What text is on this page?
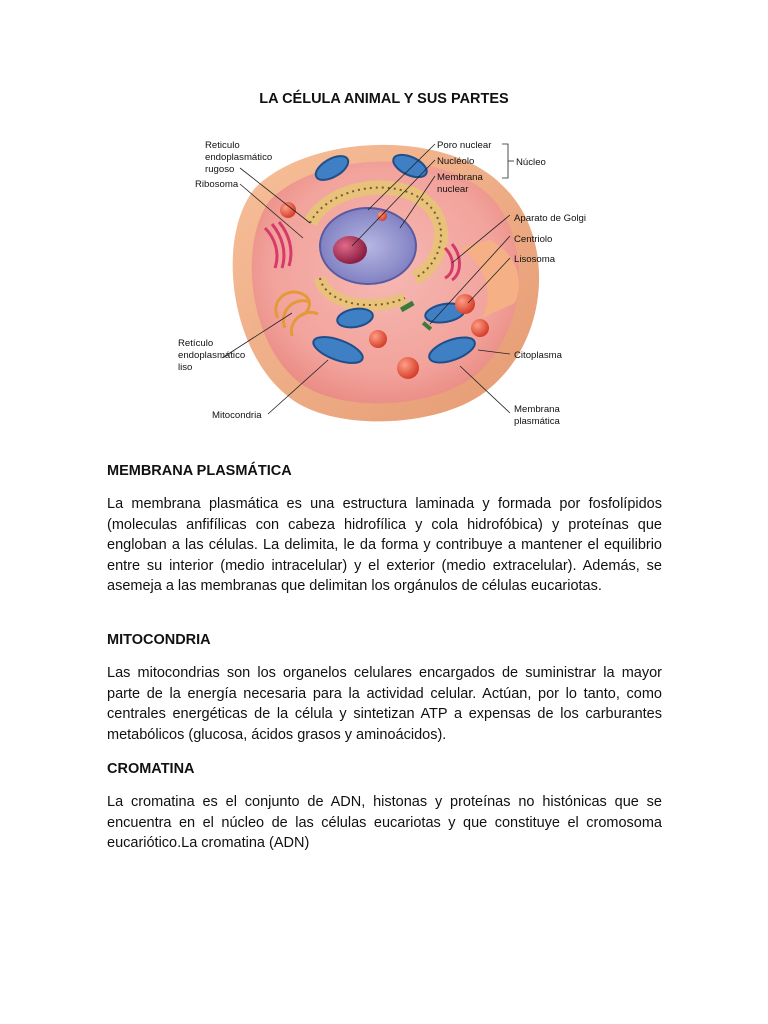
LA CÉLULA ANIMAL Y SUS PARTES
Reticulo
endoplasmático
rugoso
Ribosoma
Poro nuclear
Nucléolo
Membrana
nuclear
Núcleo
Aparato de Golgi
Centriolo
Lisosoma
Retículo
endoplasmático
liso
Citoplasma
Mitocondria
Membrana
plasmática
MEMBRANA PLASMÁTICA

La membrana plasmática es una estructura laminada y formada por fosfolípidos (moleculas anfifílicas con cabeza hidrofílica y cola hidrofóbica) y proteínas que engloban a las células. La delimita, le da forma y contribuye a mantener el equilibrio entre su interior (medio intracelular) y el exterior (medio extracelular). Además, se asemeja a las membranas que delimitan los orgánulos de células eucariotas.

MITOCONDRIA

Las mitocondrias son los organelos celulares encargados de suministrar la mayor parte de la energía necesaria para la actividad celular. Actúan, por lo tanto, como centrales energéticas de la célula y sintetizan ATP a expensas de los carburantes metabólicos (glucosa, ácidos grasos y aminoácidos).

CROMATINA

La cromatina es el conjunto de ADN, histonas y proteínas no histónicas que se encuentra en el núcleo de las células eucariotas y que constituye el cromosoma eucariótico.La cromatina (ADN)
